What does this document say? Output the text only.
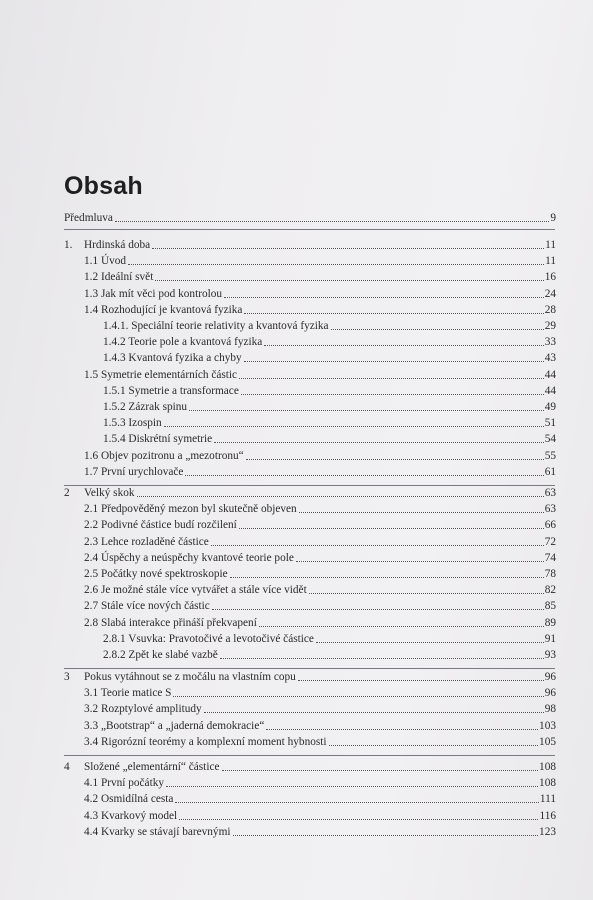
Obsah
Předmluva	9
1. Hrdinská doba	11
1.1 Úvod	11
1.2 Ideální svět	16
1.3 Jak mít věci pod kontrolou	24
1.4 Rozhodující je kvantová fyzika	28
1.4.1. Speciální teorie relativity a kvantová fyzika	29
1.4.2 Teorie pole a kvantová fyzika	33
1.4.3 Kvantová fyzika a chyby	43
1.5 Symetrie elementárních částic	44
1.5.1 Symetrie a transformace	44
1.5.2 Zázrak spinu	49
1.5.3 Izospin	51
1.5.4 Diskrétní symetrie	54
1.6 Objev pozitronu a „mezotronu“	55
1.7 První urychlovače	61
2 Velký skok	63
2.1 Předpověděný mezon byl skutečně objeven	63
2.2 Podivné částice budí rozčilení	66
2.3 Lehce rozladěné částice	72
2.4 Úspěchy a neúspěchy kvantové teorie pole	74
2.5 Počátky nové spektroskopie	78
2.6 Je možné stále více vytvářet a stále více vidět	82
2.7 Stále více nových částic	85
2.8 Slabá interakce přináší překvapení	89
2.8.1 Vsuvka: Pravotočivé a levotočivé částice	91
2.8.2 Zpět ke slabé vazbě	93
3 Pokus vytáhnout se z močálu na vlastním copu	96
3.1 Teorie matice S	96
3.2 Rozptylové amplitudy	98
3.3 „Bootstrap“ a „jaderná demokracie“	103
3.4 Rigorózní teorémy a komplexní moment hybnosti	105
4 Složené „elementární“ částice	108
4.1 První počátky	108
4.2 Osmidílná cesta	111
4.3 Kvarkový model	116
4.4 Kvarky se stávají barevnými	123
